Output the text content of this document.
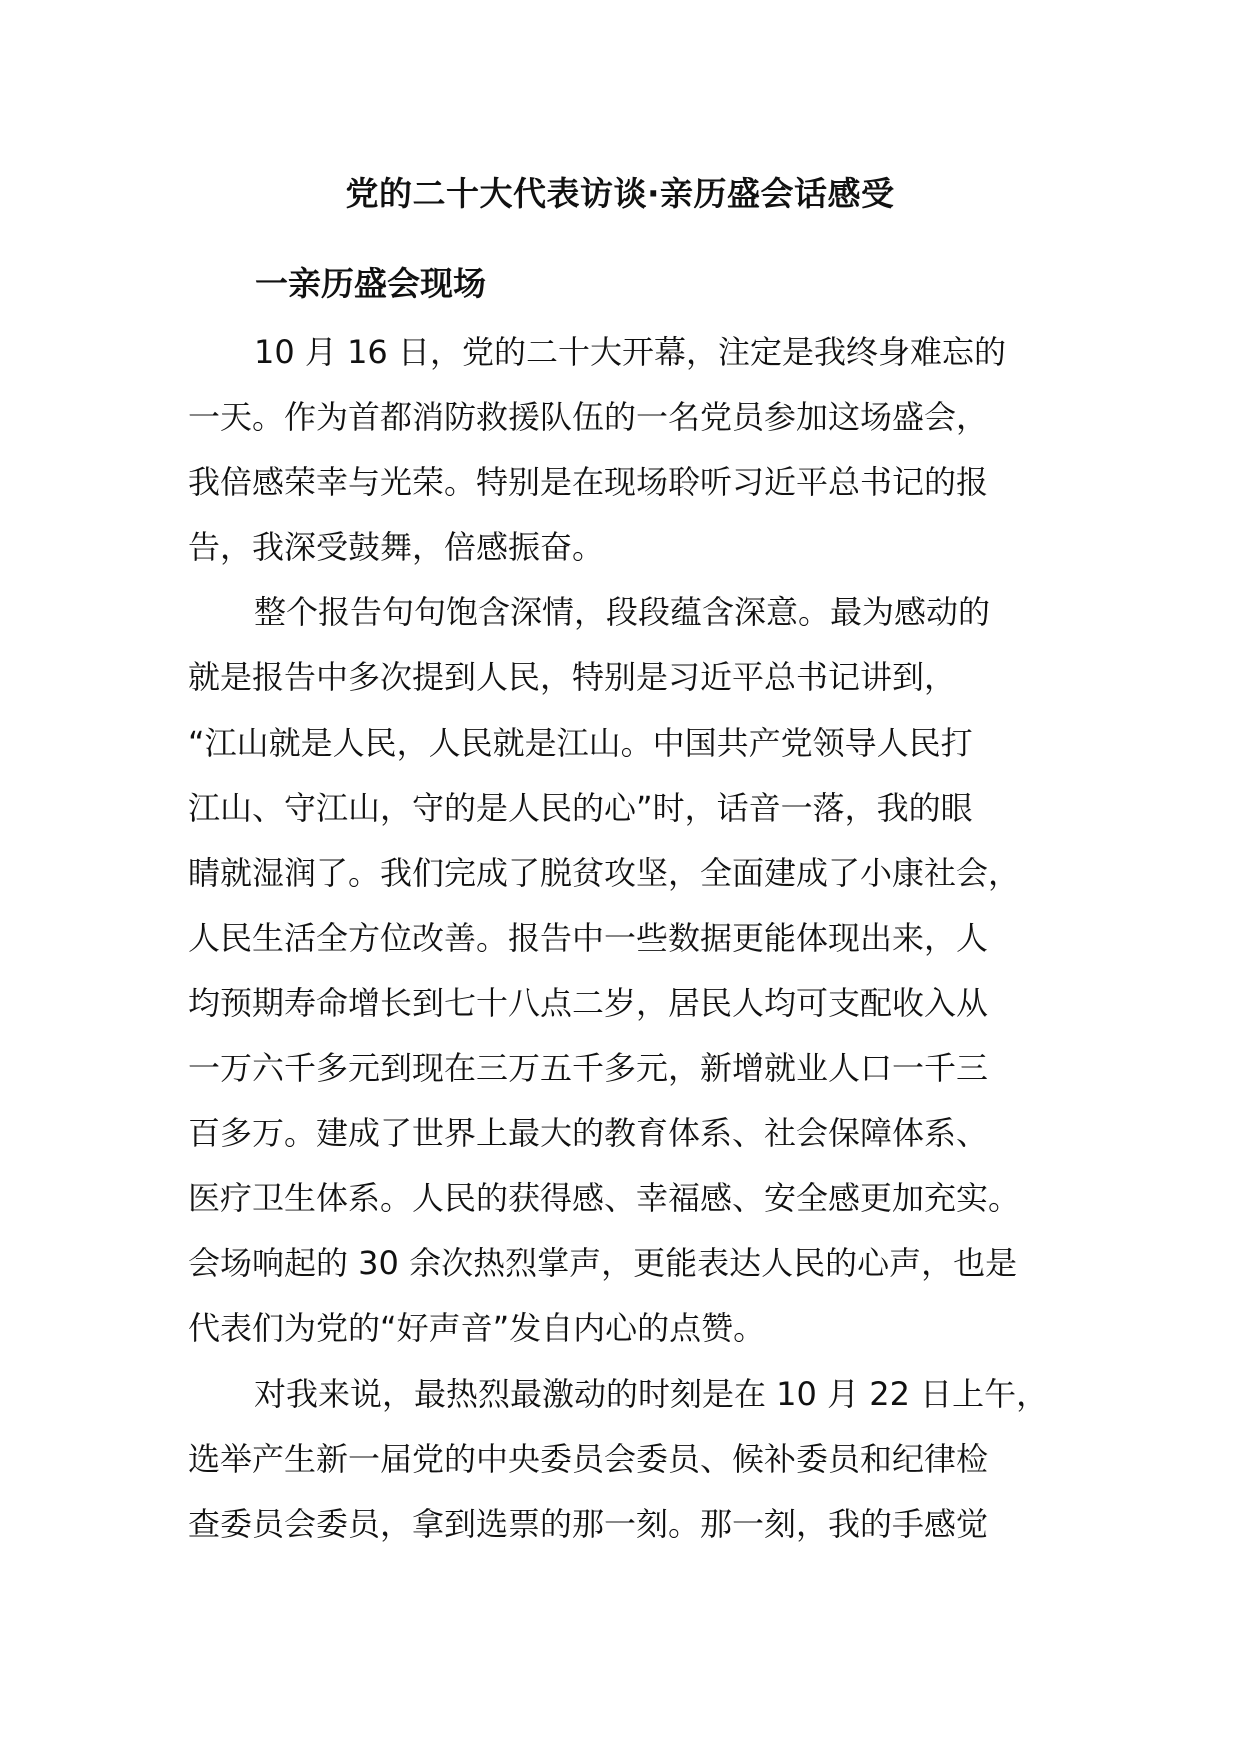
党的二十大代表访谈·亲历盛会话感受
一亲历盛会现场

10 月 16 日，党的二十大开幕，注定是我终身难忘的
一天。作为首都消防救援队伍的一名党员参加这场盛会，
我倍感荣幸与光荣。特别是在现场聆听习近平总书记的报
告，我深受鼓舞，倍感振奋。

整个报告句句饱含深情，段段蕴含深意。最为感动的
就是报告中多次提到人民，特别是习近平总书记讲到，
“江山就是人民，人民就是江山。中国共产党领导人民打
江山、守江山，守的是人民的心”时，话音一落，我的眼
睛就湿润了。我们完成了脱贫攻坚，全面建成了小康社会，
人民生活全方位改善。报告中一些数据更能体现出来，人
均预期寿命增长到七十八点二岁，居民人均可支配收入从
一万六千多元到现在三万五千多元，新增就业人口一千三
百多万。建成了世界上最大的教育体系、社会保障体系、
医疗卫生体系。人民的获得感、幸福感、安全感更加充实。
会场响起的 30 余次热烈掌声，更能表达人民的心声，也是
代表们为党的“好声音”发自内心的点赞。

对我来说，最热烈最激动的时刻是在 10 月 22 日上午，
选举产生新一届党的中央委员会委员、候补委员和纪律检
查委员会委员，拿到选票的那一刻。那一刻，我的手感觉
